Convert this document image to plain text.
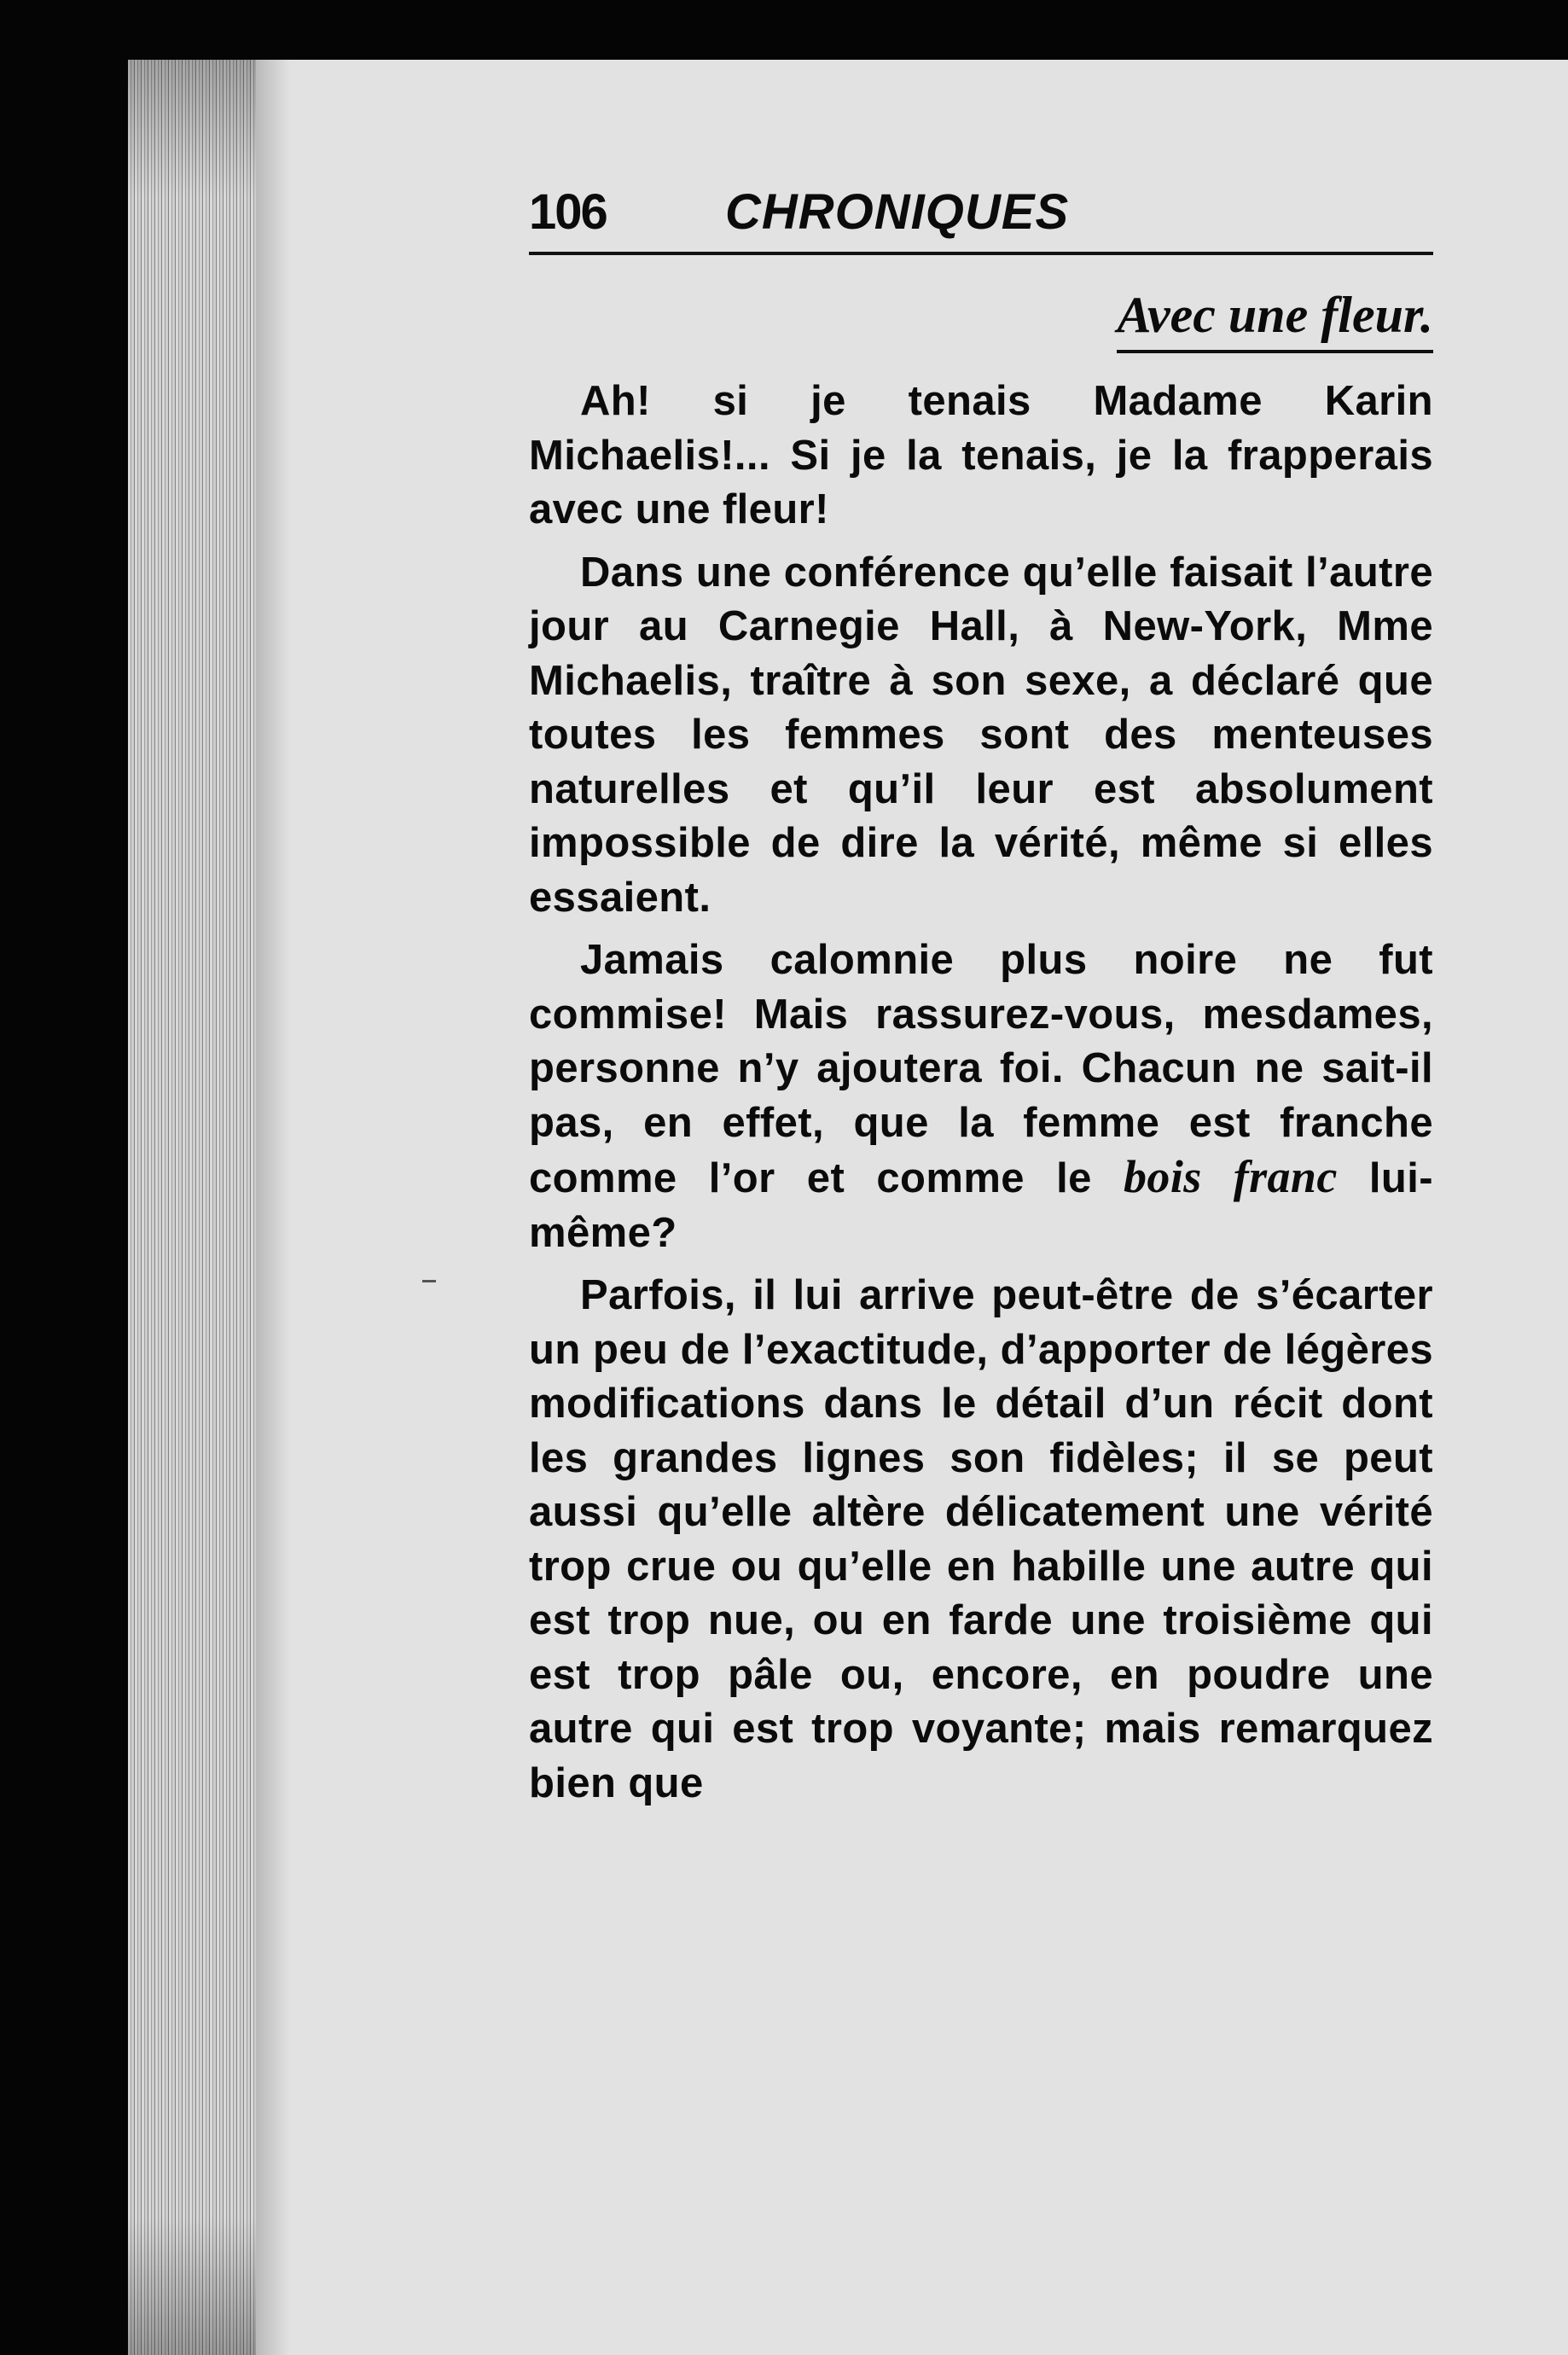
106	CHRONIQUES
Avec une fleur.

Ah! si je tenais Madame Karin Michaelis!... Si je la tenais, je la frapperais avec une fleur!

Dans une conférence qu’elle faisait l’autre jour au Carnegie Hall, à New-York, Mme Michaelis, traître à son sexe, a déclaré que toutes les femmes sont des menteuses naturelles et qu’il leur est absolument impossible de dire la vérité, même si elles essaient.

Jamais calomnie plus noire ne fut commise! Mais rassurez-vous, mesdames, personne n’y ajoutera foi. Chacun ne sait-il pas, en effet, que la femme est franche comme l’or et comme le bois franc lui-même?

Parfois, il lui arrive peut-être de s’écarter un peu de l’exactitude, d’apporter de légères modifications dans le détail d’un récit dont les grandes lignes son fidèles; il se peut aussi qu’elle altère délicatement une vérité trop crue ou qu’elle en habille une autre qui est trop nue, ou en farde une troisième qui est trop pâle ou, encore, en poudre une autre qui est trop voyante; mais remarquez bien que
